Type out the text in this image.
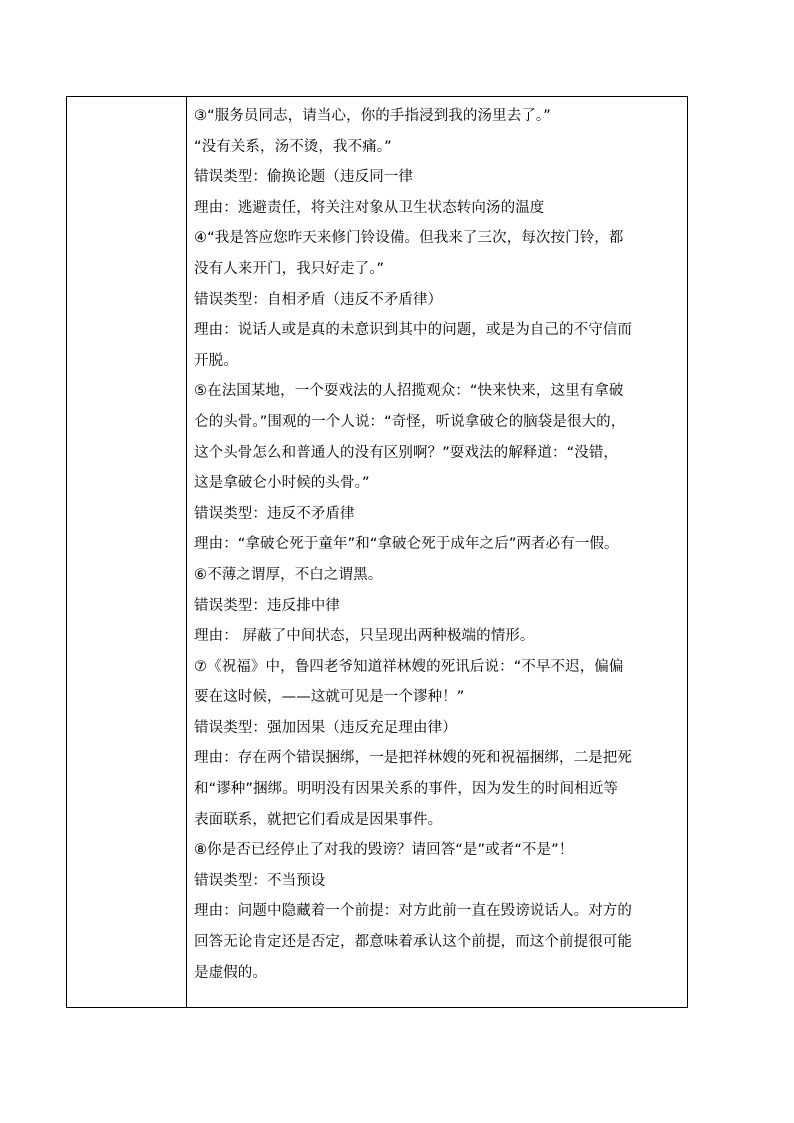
③“服务员同志，请当心，你的手指浸到我的汤里去了。”
“没有关系，汤不烫，我不痛。”
错误类型：偷换论题（违反同一律
理由：逃避责任，将关注对象从卫生状态转向汤的温度
④“我是答应您昨天来修门铃设備。但我来了三次，每次按门铃，都
没有人来开门，我只好走了。”
错误类型：自相矛盾（违反不矛盾律）
理由：说话人或是真的未意识到其中的问题，或是为自己的不守信而
开脱。
⑤在法国某地，一个耍戏法的人招揽观众：“快来快来，这里有拿破
仑的头骨。”围观的一个人说：“奇怪，听说拿破仑的脑袋是很大的，
这个头骨怎么和普通人的没有区别啊？”耍戏法的解释道：“没错，
这是拿破仑小时候的头骨。”
错误类型：违反不矛盾律
理由：“拿破仑死于童年”和“拿破仑死于成年之后”两者必有一假。
⑥不薄之谓厚，不白之谓黑。
错误类型：违反排中律
理由： 屏蔽了中间状态，只呈现出两种极端的情形。
⑦《祝福》中，鲁四老爷知道祥林嫂的死讯后说：“不早不迟，偏偏
要在这时候，——这就可见是一个谬种！”
错误类型：强加因果（违反充足理由律）
理由：存在两个错误捆绑，一是把祥林嫂的死和祝福捆绑，二是把死
和“谬种”捆绑。明明没有因果关系的事件，因为发生的时间相近等
表面联系，就把它们看成是因果事件。
⑧你是否已经停止了对我的毁谤？请回答“是”或者“不是”！
错误类型：不当预设
理由：问题中隐藏着一个前提：对方此前一直在毁谤说话人。对方的
回答无论肯定还是否定，都意味着承认这个前提，而这个前提很可能
是虚假的。
